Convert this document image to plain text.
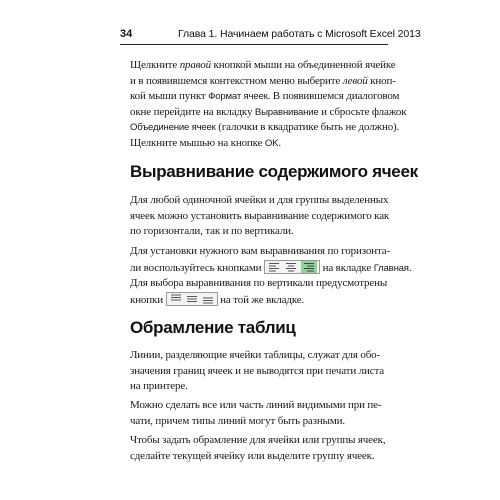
34	Глава 1. Начинаем работать с Microsoft Excel 2013

Щелкните правой кнопкой мыши на объединенной ячейке
и в появившемся контекстном меню выберите левой кноп-
кой мыши пункт Формат ячеек. В появившемся диалоговом
окне перейдите на вкладку Выравнивание и сбросьте флажок
Объединение ячеек (галочки в квадратике быть не должно).
Щелкните мышью на кнопке OK.

Выравнивание содержимого ячеек

Для любой одиночной ячейки и для группы выделенных
ячеек можно установить выравнивание содержимого как
по горизонтали, так и по вертикали.

Для установки нужного вам выравнивания по горизонта-
ли воспользуйтесь кнопками	на вкладке Главная.
Для выбора выравнивания по вертикали предусмотрены
кнопки	на той же вкладке.

Обрамление таблиц

Линии, разделяющие ячейки таблицы, служат для обо-
значения границ ячеек и не выводятся при печати листа
на принтере.

Можно сделать все или часть линий видимыми при пе-
чати, причем типы линий могут быть разными.

Чтобы задать обрамление для ячейки или группы ячеек,
сделайте текущей ячейку или выделите группу ячеек.
